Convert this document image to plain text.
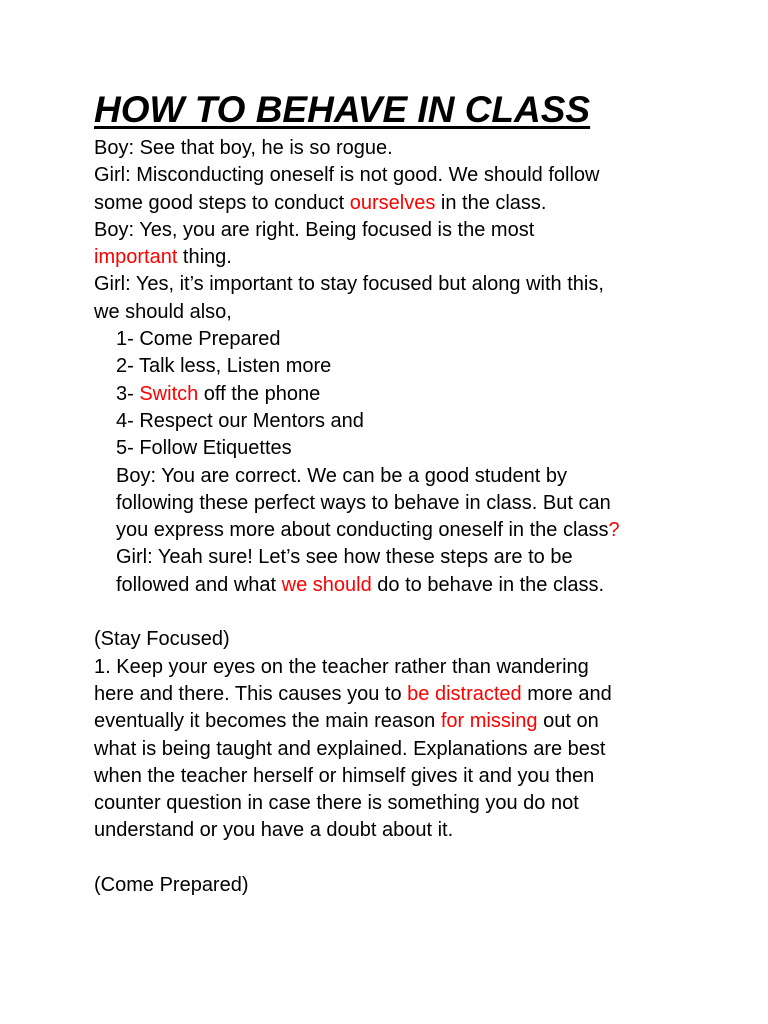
HOW TO BEHAVE IN CLASS
Boy: See that boy, he is so rogue.
Girl: Misconducting oneself is not good. We should follow
some good steps to conduct ourselves in the class.
Boy: Yes, you are right. Being focused is the most
important thing.
Girl: Yes, it’s important to stay focused but along with this,
we should also,
1- Come Prepared
2- Talk less, Listen more
3- Switch off the phone
4- Respect our Mentors and
5- Follow Etiquettes
Boy: You are correct. We can be a good student by
following these perfect ways to behave in class. But can
you express more about conducting oneself in the class?
Girl: Yeah sure! Let’s see how these steps are to be
followed and what we should do to behave in the class.
(Stay Focused)
1. Keep your eyes on the teacher rather than wandering
here and there. This causes you to be distracted more and
eventually it becomes the main reason for missing out on
what is being taught and explained. Explanations are best
when the teacher herself or himself gives it and you then
counter question in case there is something you do not
understand or you have a doubt about it.
(Come Prepared)
